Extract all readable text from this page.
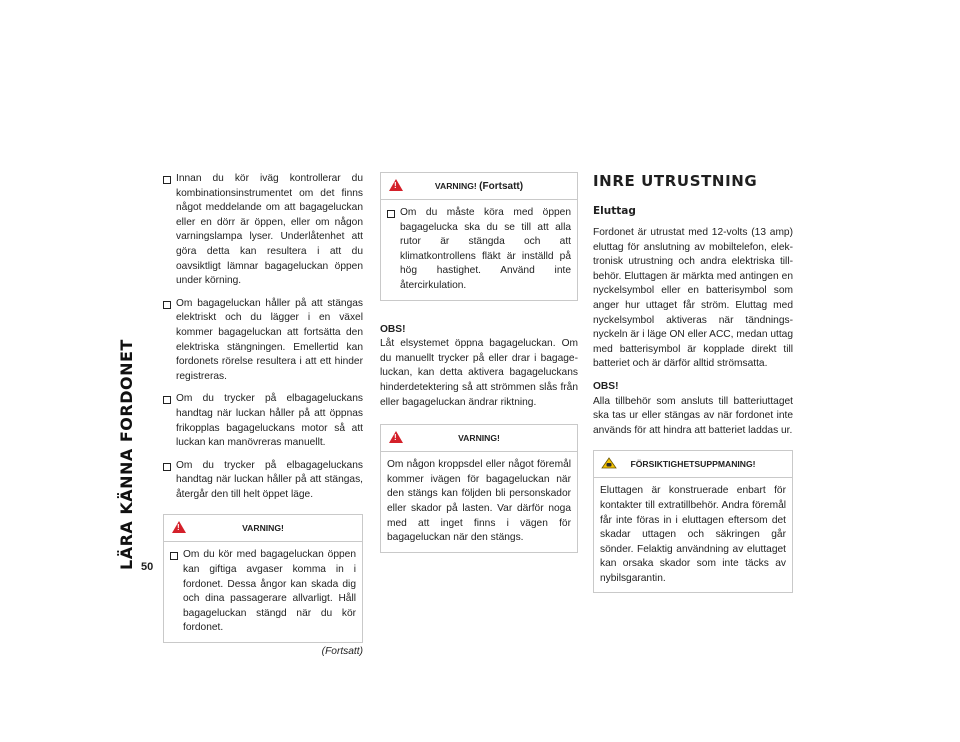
LÄRA KÄNNA FORDONET 50
Innan du kör iväg kontrollerar du kombinationsinstrumentet om det finns något meddelande om att bagageluckan eller en dörr är öppen, eller om någon varningslampa lyser. Underlåtenhet att göra detta kan resultera i att du oavsiktligt lämnar bagageluckan öppen under körning.
Om bagageluckan håller på att stängas elektriskt och du lägger i en växel kommer bagageluckan att fortsätta den elektriska stängningen. Emellertid kan fordonets rörelse resultera i att ett hinder registreras.
Om du trycker på elbagageluckans handtag när luckan håller på att öppnas frikopplas bagageluckans motor så att luckan kan manövreras manuellt.
Om du trycker på elbagageluckans handtag när luckan håller på att stängas, återgår den till helt öppet läge.
!
VARNING!
Om du kör med bagageluckan öppen kan giftiga avgaser komma in i fordonet. Dessa ångor kan skada dig och dina passagerare allvarligt. Håll bagageluckan stängd när du kör fordonet.
(Fortsatt)
!
VARNING! (Fortsatt)
Om du måste köra med öppen bagagelucka ska du se till att alla rutor är stängda och att klimatkontrollens fläkt är inställd på hög hastighet. Använd inte återcirkulation.
OBS!

Låt elsystemet öppna bagageluckan. Om du manuellt trycker på eller drar i bagageluckan, kan detta aktivera bagageluckans hinderdetektering så att strömmen slås från eller bagageluckan ändrar riktning.

!
VARNING!
Om någon kroppsdel eller något föremål kommer ivägen för bagageluckan när den stängs kan följden bli personskador eller skador på lasten. Var därför noga med att inget finns i vägen för bagageluckan när den stängs.
INRE UTRUSTNING
Eluttag

Fordonet är utrustat med 12-volts (13 amp) eluttag för anslutning av mobiltelefon, elektronisk utrustning och andra elektriska tillbehör. Eluttagen är märkta med antingen en nyckelsymbol eller en batterisymbol som anger hur uttaget får ström. Eluttag med nyckelsymbol aktiveras när tändningsnyckeln är i läge ON eller ACC, medan uttag med batterisymbol är kopplade direkt till batteriet och är därför alltid strömsatta.

OBS!

Alla tillbehör som ansluts till batteriuttaget ska tas ur eller stängas av när fordonet inte används för att hindra att batteriet laddas ur.

FÖRSIKTIGHETSUPPMANING!
Eluttagen är konstruerade enbart för kontakter till extratillbehör. Andra föremål får inte föras in i eluttagen eftersom det skadar uttagen och säkringen går sönder. Felaktig användning av eluttaget kan orsaka skador som inte täcks av nybilsgarantin.
